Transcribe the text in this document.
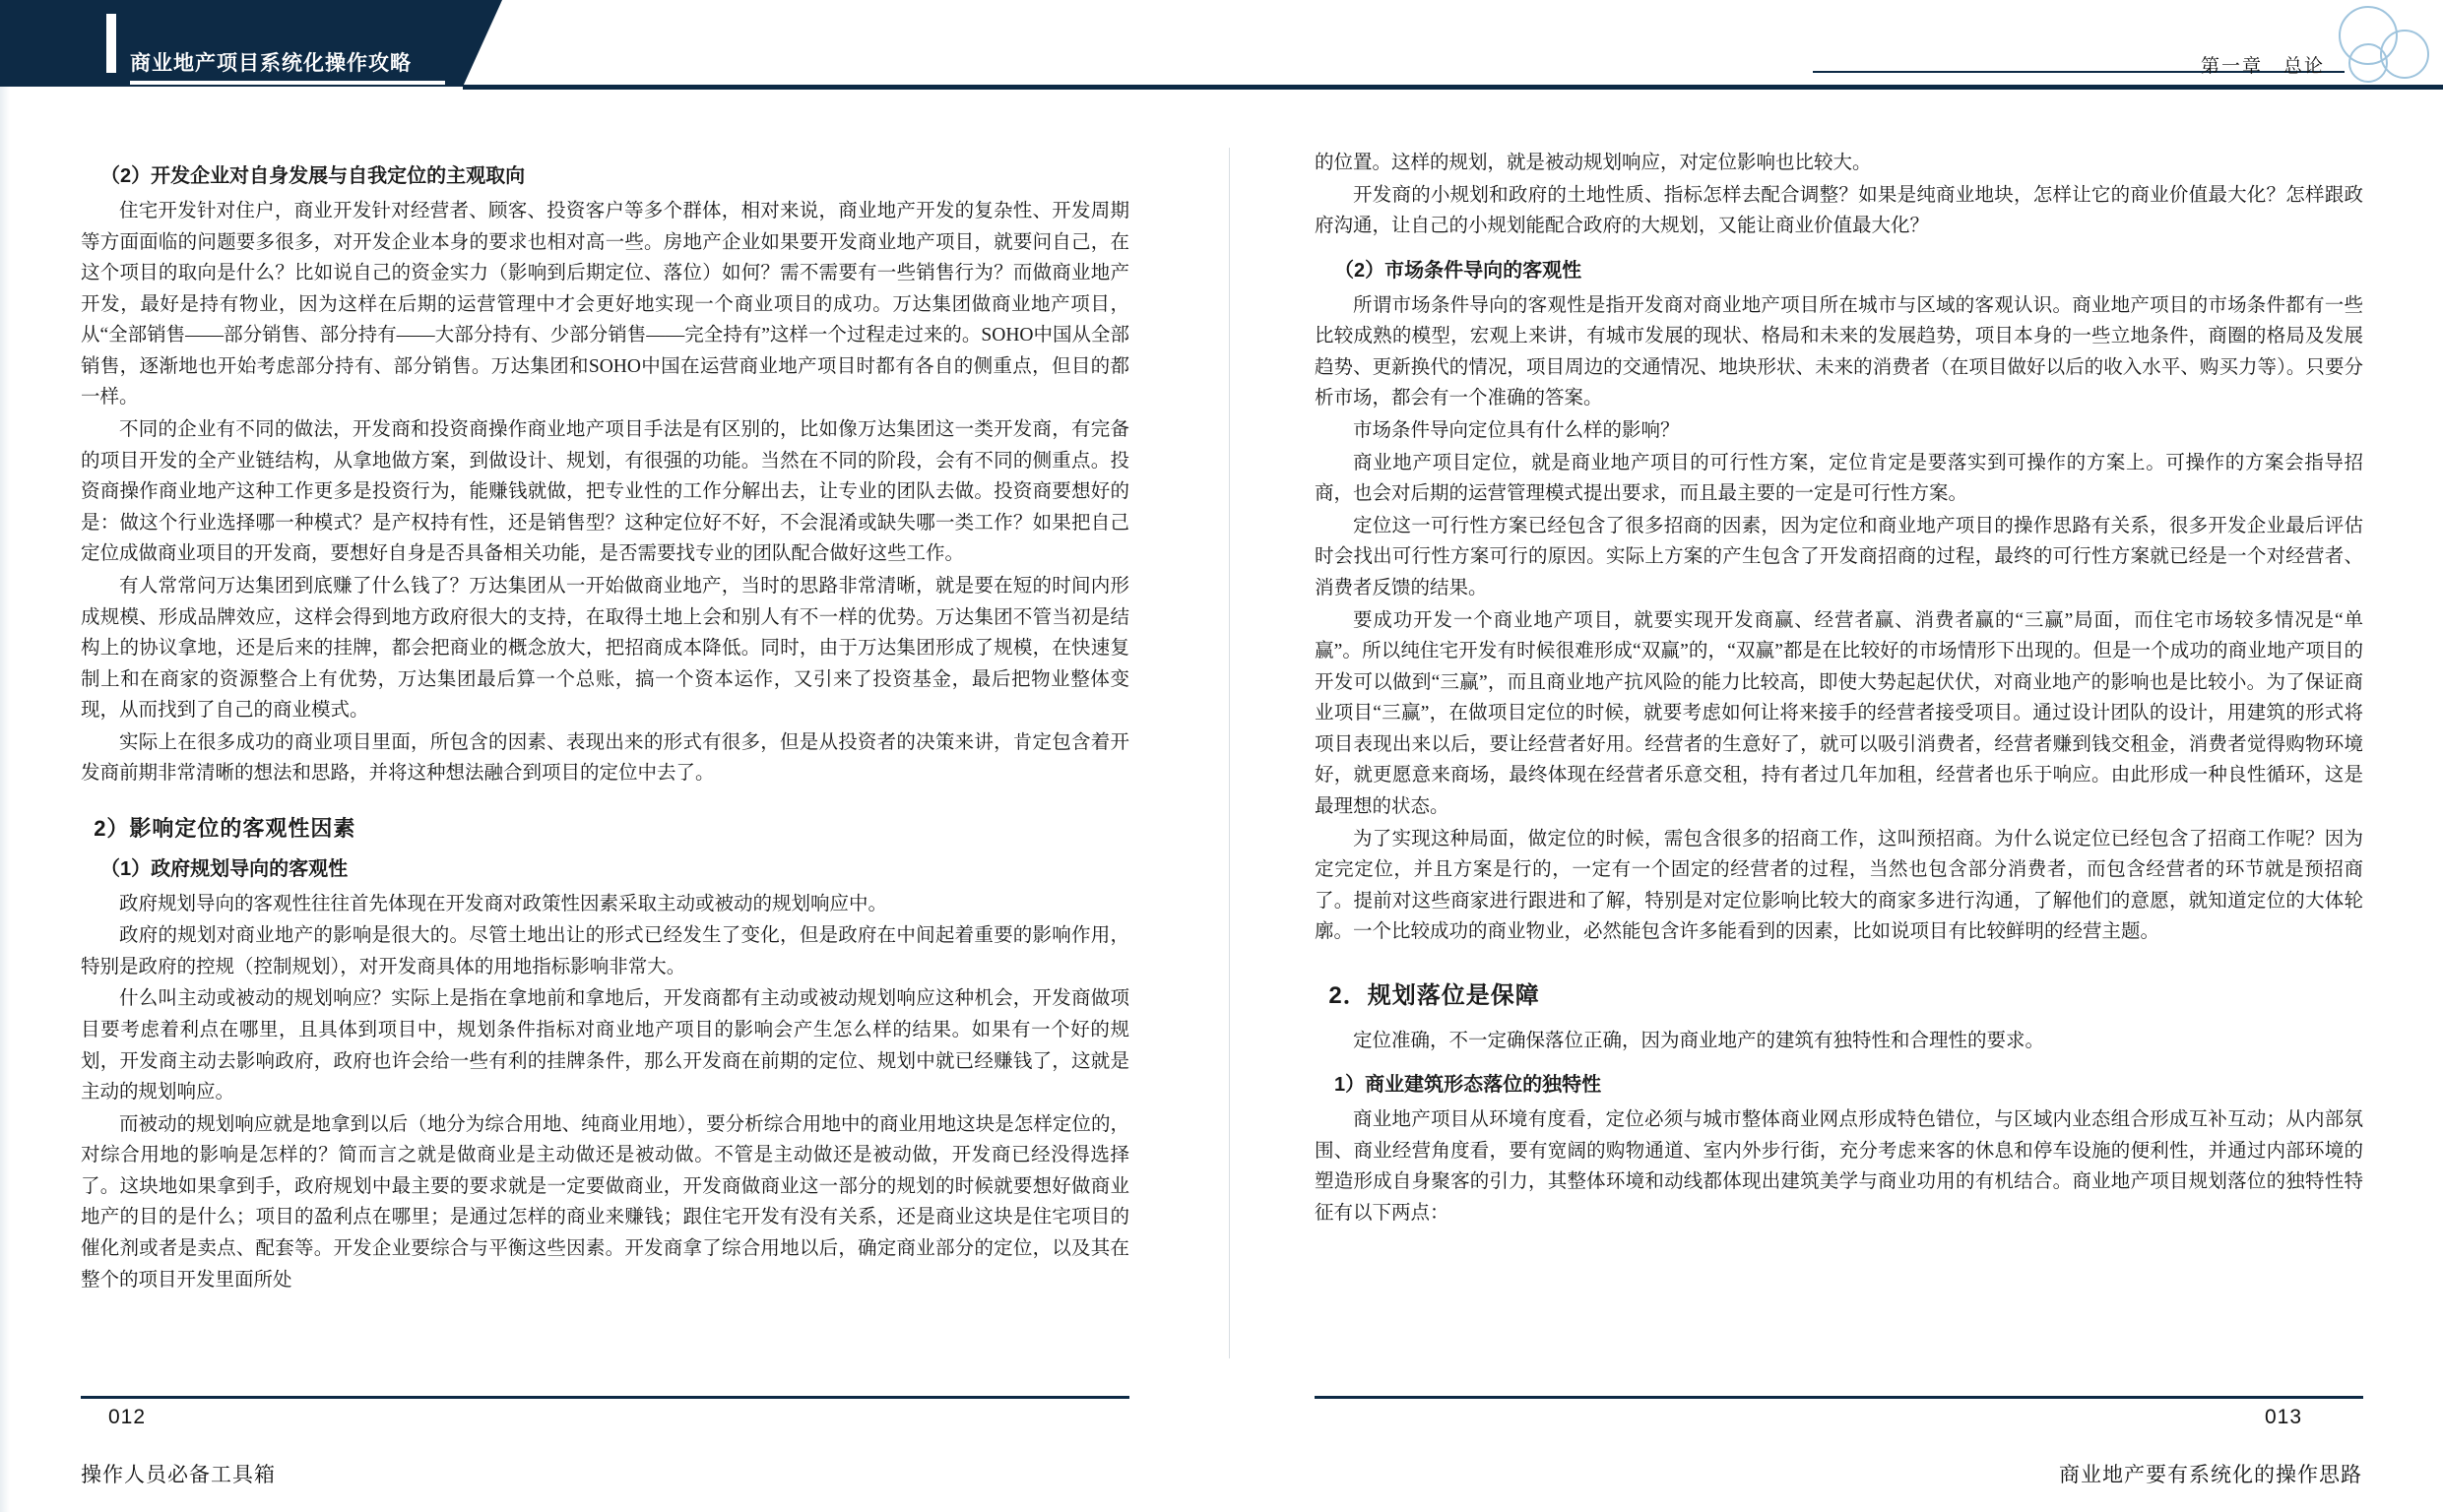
商业地产项目系统化操作攻略	第一章　总论
（2）开发企业对自身发展与自我定位的主观取向

住宅开发针对住户，商业开发针对经营者、顾客、投资客户等多个群体，相对来说，商业地产开发的复杂性、开发周期等方面面临的问题要多很多，对开发企业本身的要求也相对高一些。房地产企业如果要开发商业地产项目，就要问自己，在这个项目的取向是什么？比如说自己的资金实力（影响到后期定位、落位）如何？需不需要有一些销售行为？而做商业地产开发，最好是持有物业，因为这样在后期的运营管理中才会更好地实现一个商业项目的成功。万达集团做商业地产项目，从“全部销售——部分销售、部分持有——大部分持有、少部分销售——完全持有”这样一个过程走过来的。SOHO中国从全部销售，逐渐地也开始考虑部分持有、部分销售。万达集团和SOHO中国在运营商业地产项目时都有各自的侧重点，但目的都一样。

不同的企业有不同的做法，开发商和投资商操作商业地产项目手法是有区别的，比如像万达集团这一类开发商，有完备的项目开发的全产业链结构，从拿地做方案，到做设计、规划，有很强的功能。当然在不同的阶段，会有不同的侧重点。投资商操作商业地产这种工作更多是投资行为，能赚钱就做，把专业性的工作分解出去，让专业的团队去做。投资商要想好的是：做这个行业选择哪一种模式？是产权持有性，还是销售型？这种定位好不好，不会混淆或缺失哪一类工作？如果把自己定位成做商业项目的开发商，要想好自身是否具备相关功能，是否需要找专业的团队配合做好这些工作。

有人常常问万达集团到底赚了什么钱了？万达集团从一开始做商业地产，当时的思路非常清晰，就是要在短的时间内形成规模、形成品牌效应，这样会得到地方政府很大的支持，在取得土地上会和别人有不一样的优势。万达集团不管当初是结构上的协议拿地，还是后来的挂牌，都会把商业的概念放大，把招商成本降低。同时，由于万达集团形成了规模，在快速复制上和在商家的资源整合上有优势，万达集团最后算一个总账，搞一个资本运作，又引来了投资基金，最后把物业整体变现，从而找到了自己的商业模式。

实际上在很多成功的商业项目里面，所包含的因素、表现出来的形式有很多，但是从投资者的决策来讲，肯定包含着开发商前期非常清晰的想法和思路，并将这种想法融合到项目的定位中去了。

2）影响定位的客观性因素
（1）政府规划导向的客观性

政府规划导向的客观性往往首先体现在开发商对政策性因素采取主动或被动的规划响应中。

政府的规划对商业地产的影响是很大的。尽管土地出让的形式已经发生了变化，但是政府在中间起着重要的影响作用，特别是政府的控规（控制规划），对开发商具体的用地指标影响非常大。

什么叫主动或被动的规划响应？实际上是指在拿地前和拿地后，开发商都有主动或被动规划响应这种机会，开发商做项目要考虑着利点在哪里，且具体到项目中，规划条件指标对商业地产项目的影响会产生怎么样的结果。如果有一个好的规划，开发商主动去影响政府，政府也许会给一些有利的挂牌条件，那么开发商在前期的定位、规划中就已经赚钱了，这就是主动的规划响应。

而被动的规划响应就是地拿到以后（地分为综合用地、纯商业用地），要分析综合用地中的商业用地这块是怎样定位的，对综合用地的影响是怎样的？简而言之就是做商业是主动做还是被动做。不管是主动做还是被动做，开发商已经没得选择了。这块地如果拿到手，政府规划中最主要的要求就是一定要做商业，开发商做商业这一部分的规划的时候就要想好做商业地产的目的是什么；项目的盈利点在哪里；是通过怎样的商业来赚钱；跟住宅开发有没有关系，还是商业这块是住宅项目的催化剂或者是卖点、配套等。开发企业要综合与平衡这些因素。开发商拿了综合用地以后，确定商业部分的定位，以及其在整个的项目开发里面所处

的位置。这样的规划，就是被动规划响应，对定位影响也比较大。

开发商的小规划和政府的土地性质、指标怎样去配合调整？如果是纯商业地块，怎样让它的商业价值最大化？怎样跟政府沟通，让自己的小规划能配合政府的大规划，又能让商业价值最大化？

（2）市场条件导向的客观性

所谓市场条件导向的客观性是指开发商对商业地产项目所在城市与区域的客观认识。商业地产项目的市场条件都有一些比较成熟的模型，宏观上来讲，有城市发展的现状、格局和未来的发展趋势，项目本身的一些立地条件，商圈的格局及发展趋势、更新换代的情况，项目周边的交通情况、地块形状、未来的消费者（在项目做好以后的收入水平、购买力等）。只要分析市场，都会有一个准确的答案。

市场条件导向定位具有什么样的影响？

商业地产项目定位，就是商业地产项目的可行性方案，定位肯定是要落实到可操作的方案上。可操作的方案会指导招商，也会对后期的运营管理模式提出要求，而且最主要的一定是可行性方案。

定位这一可行性方案已经包含了很多招商的因素，因为定位和商业地产项目的操作思路有关系，很多开发企业最后评估时会找出可行性方案可行的原因。实际上方案的产生包含了开发商招商的过程，最终的可行性方案就已经是一个对经营者、消费者反馈的结果。

要成功开发一个商业地产项目，就要实现开发商赢、经营者赢、消费者赢的“三赢”局面，而住宅市场较多情况是“单赢”。所以纯住宅开发有时候很难形成“双赢”的，“双赢”都是在比较好的市场情形下出现的。但是一个成功的商业地产项目的开发可以做到“三赢”，而且商业地产抗风险的能力比较高，即使大势起起伏伏，对商业地产的影响也是比较小。为了保证商业项目“三赢”，在做项目定位的时候，就要考虑如何让将来接手的经营者接受项目。通过设计团队的设计，用建筑的形式将项目表现出来以后，要让经营者好用。经营者的生意好了，就可以吸引消费者，经营者赚到钱交租金，消费者觉得购物环境好，就更愿意来商场，最终体现在经营者乐意交租，持有者过几年加租，经营者也乐于响应。由此形成一种良性循环，这是最理想的状态。

为了实现这种局面，做定位的时候，需包含很多的招商工作，这叫预招商。为什么说定位已经包含了招商工作呢？因为定完定位，并且方案是行的，一定有一个固定的经营者的过程，当然也包含部分消费者，而包含经营者的环节就是预招商了。提前对这些商家进行跟进和了解，特别是对定位影响比较大的商家多进行沟通，了解他们的意愿，就知道定位的大体轮廓。一个比较成功的商业物业，必然能包含许多能看到的因素，比如说项目有比较鲜明的经营主题。

2．规划落位是保障

定位准确，不一定确保落位正确，因为商业地产的建筑有独特性和合理性的要求。

1）商业建筑形态落位的独特性

商业地产项目从环境有度看，定位必须与城市整体商业网点形成特色错位，与区域内业态组合形成互补互动；从内部氛围、商业经营角度看，要有宽阔的购物通道、室内外步行街，充分考虑来客的休息和停车设施的便利性，并通过内部环境的塑造形成自身聚客的引力，其整体环境和动线都体现出建筑美学与商业功用的有机结合。商业地产项目规划落位的独特性特征有以下两点：

012	013
操作人员必备工具箱	商业地产要有系统化的操作思路
